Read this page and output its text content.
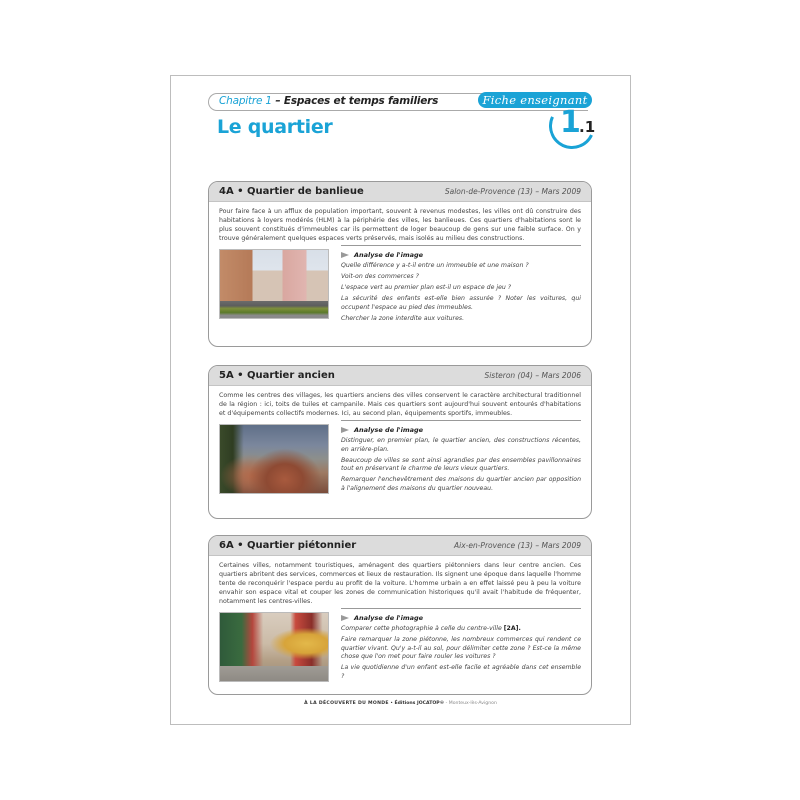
Chapitre 1 – Espaces et temps familiers	Fiche enseignant
Le quartier	1
.1
4A • Quartier de banlieue	Salon-de-Provence (13) – Mars 2009
Pour faire face à un afflux de population important, souvent à revenus modestes, les villes ont dû construire des habitations à loyers modérés (HLM) à la périphérie des villes, les banlieues. Ces quartiers d'habitations sont le plus souvent constitués d'immeubles car ils permettent de loger beaucoup de gens sur une faible surface. On y trouve généralement quelques espaces verts préservés, mais isolés au milieu des constructions.
Analyse de l'image
Quelle différence y a-t-il entre un immeuble et une maison ?
Voit-on des commerces ?
L'espace vert au premier plan est-il un espace de jeu ?
La sécurité des enfants est-elle bien assurée ? Noter les voitures, qui occupent l'espace au pied des immeubles.
Chercher la zone interdite aux voitures.
5A • Quartier ancien	Sisteron (04) – Mars 2006
Comme les centres des villages, les quartiers anciens des villes conservent le caractère architectural traditionnel de la région : ici, toits de tuiles et campanile. Mais ces quartiers sont aujourd'hui souvent entourés d'habitations et d'équipements collectifs modernes. Ici, au second plan, équipements sportifs, immeubles.
Analyse de l'image
Distinguer, en premier plan, le quartier ancien, des constructions récentes, en arrière-plan.
Beaucoup de villes se sont ainsi agrandies par des ensembles pavillonnaires tout en préservant le charme de leurs vieux quartiers.
Remarquer l'enchevêtrement des maisons du quartier ancien par opposition à l'alignement des maisons du quartier nouveau.
6A • Quartier piétonnier	Aix-en-Provence (13) – Mars 2009
Certaines villes, notamment touristiques, aménagent des quartiers piétonniers dans leur centre ancien. Ces quartiers abritent des services, commerces et lieux de restauration. Ils signent une époque dans laquelle l'homme tente de reconquérir l'espace perdu au profit de la voiture. L'homme urbain a en effet laissé peu à peu la voiture envahir son espace vital et couper les zones de communication historiques qu'il avait l'habitude de fréquenter, notamment les centres-villes.
Analyse de l'image
Comparer cette photographie à celle du centre-ville [2A].
Faire remarquer la zone piétonne, les nombreux commerces qui rendent ce quartier vivant. Qu'y a-t-il au sol, pour délimiter cette zone ? Est-ce la même chose que l'on met pour faire rouler les voitures ?
La vie quotidienne d'un enfant est-elle facile et agréable dans cet ensemble ?
À LA DÉCOUVERTE DU MONDE • Éditions JOCATOP® - Monteux-lès-Avignon
